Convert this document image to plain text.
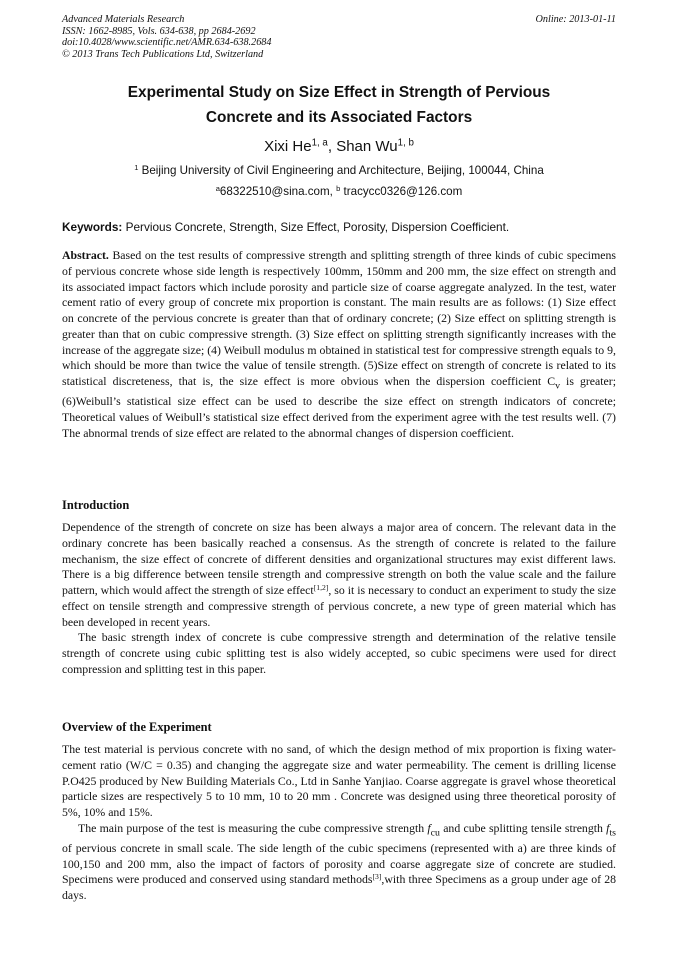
Advanced Materials Research
ISSN: 1662-8985, Vols. 634-638, pp 2684-2692
doi:10.4028/www.scientific.net/AMR.634-638.2684
© 2013 Trans Tech Publications Ltd, Switzerland
Online: 2013-01-11
Experimental Study on Size Effect in Strength of Pervious
Concrete and its Associated Factors
Xixi He$^{1, a}$, Shan Wu$^{1, b}$
$^1$ Beijing University of Civil Engineering and Architecture, Beijing, 100044, China
$^a$68322510@sina.com, $^b$ tracycc0326@126.com
Keywords: Pervious Concrete, Strength, Size Effect, Porosity, Dispersion Coefficient.

Abstract. Based on the test results of compressive strength and splitting strength of three kinds of cubic specimens of pervious concrete whose side length is respectively 100mm, 150mm and 200 mm, the size effect on strength and its associated impact factors which include porosity and particle size of coarse aggregate analyzed. In the test, water cement ratio of every group of concrete mix proportion is constant. The main results are as follows: (1) Size effect on concrete of the pervious concrete is greater than that of ordinary concrete; (2) Size effect on splitting strength is greater than that on cubic compressive strength. (3) Size effect on splitting strength significantly increases with the increase of the aggregate size; (4) Weibull modulus m obtained in statistical test for compressive strength equals to 9, which should be more than twice the value of tensile strength. (5)Size effect on strength of concrete is related to its statistical discreteness, that is, the size effect is more obvious when the dispersion coefficient $C_v$ is greater; (6)Weibull’s statistical size effect can be used to describe the size effect on strength indicators of concrete; Theoretical values of Weibull’s statistical size effect derived from the experiment agree with the test results well. (7) The abnormal trends of size effect are related to the abnormal changes of dispersion coefficient.

Introduction

Dependence of the strength of concrete on size has been always a major area of concern. The relevant data in the ordinary concrete has been basically reached a consensus. As the strength of concrete is related to the failure mechanism, the size effect of concrete of different densities and organizational structures may exist different laws. There is a big difference between tensile strength and compressive strength on both the value scale and the failure pattern, which would affect the strength of size effect[1,2], so it is necessary to conduct an experiment to study the size effect on tensile strength and compressive strength of pervious concrete, a new type of green material which has been developed in recent years.

The basic strength index of concrete is cube compressive strength and determination of the relative tensile strength of concrete using cubic splitting test is also widely accepted, so cubic specimens were used for direct compression and splitting test in this paper.

Overview of the Experiment

The test material is pervious concrete with no sand, of which the design method of mix proportion is fixing water-cement ratio (W/C = 0.35) and changing the aggregate size and water permeability. The cement is drilling license P.O425 produced by New Building Materials Co., Ltd in Sanhe Yanjiao. Coarse aggregate is gravel whose theoretical particle sizes are respectively 5 to 10 mm, 10 to 20 mm . Concrete was designed using three theoretical porosity of 5%, 10% and 15%.

The main purpose of the test is measuring the cube compressive strength $f_{cu}$ and cube splitting tensile strength $f_{ts}$ of pervious concrete in small scale. The side length of the cubic specimens (represented with a) are three kinds of 100,150 and 200 mm, also the impact of factors of porosity and coarse aggregate size of concrete are studied. Specimens were produced and conserved using standard methods[3],with three Specimens as a group under age of 28 days.
